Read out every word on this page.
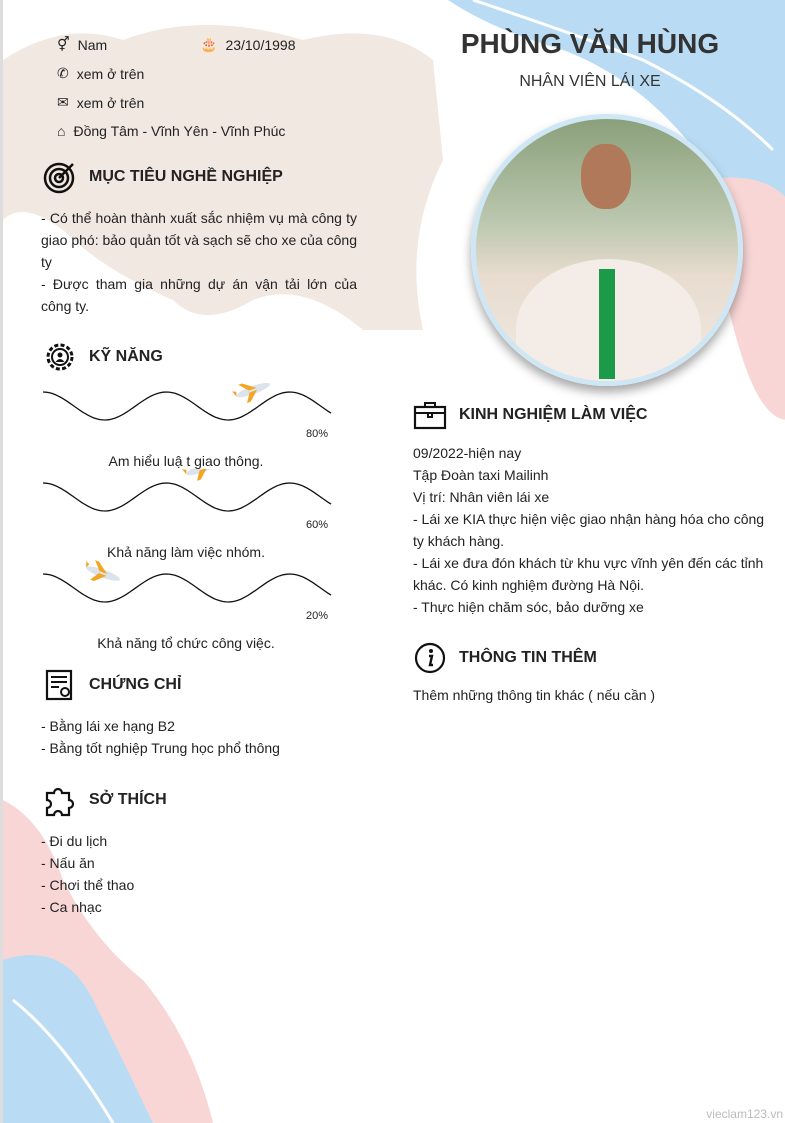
PHÙNG VĂN HÙNG
NHÂN VIÊN LÁI XE
⚥ Nam	🎂 23/10/1998
✆ xem ở trên
✉ xem ở trên
⌂ Đồng Tâm - Vĩnh Yên - Vĩnh Phúc
MỤC TIÊU NGHỀ NGHIỆP
- Có thể hoàn thành xuất sắc nhiệm vụ mà công ty giao phó: bảo quản tốt và sạch sẽ cho xe của công ty
- Được tham gia những dự án vận tải lớn của công ty.
KỸ NĂNG
80%
Am hiểu luậ t giao thông.
60%
Khả năng làm việc nhóm.
20%
Khả năng tổ chức công việc.
CHỨNG CHỈ
- Bằng lái xe hạng B2
- Bằng tốt nghiệp Trung học phổ thông
SỞ THÍCH
- Đi du lịch
- Nấu ăn
- Chơi thể thao
- Ca nhạc
KINH NGHIỆM LÀM VIỆC
09/2022-hiện nay
Tập Đoàn taxi Mailinh
Vị trí: Nhân viên lái xe
- Lái xe KIA thực hiện việc giao nhận hàng hóa cho công ty khách hàng.
- Lái xe đưa đón khách từ khu vực vĩnh yên đến các tỉnh khác. Có kinh nghiệm đường Hà Nội.
- Thực hiện chăm sóc, bảo dưỡng xe
THÔNG TIN THÊM
Thêm những thông tin khác ( nếu cần )
vieclam123.vn
